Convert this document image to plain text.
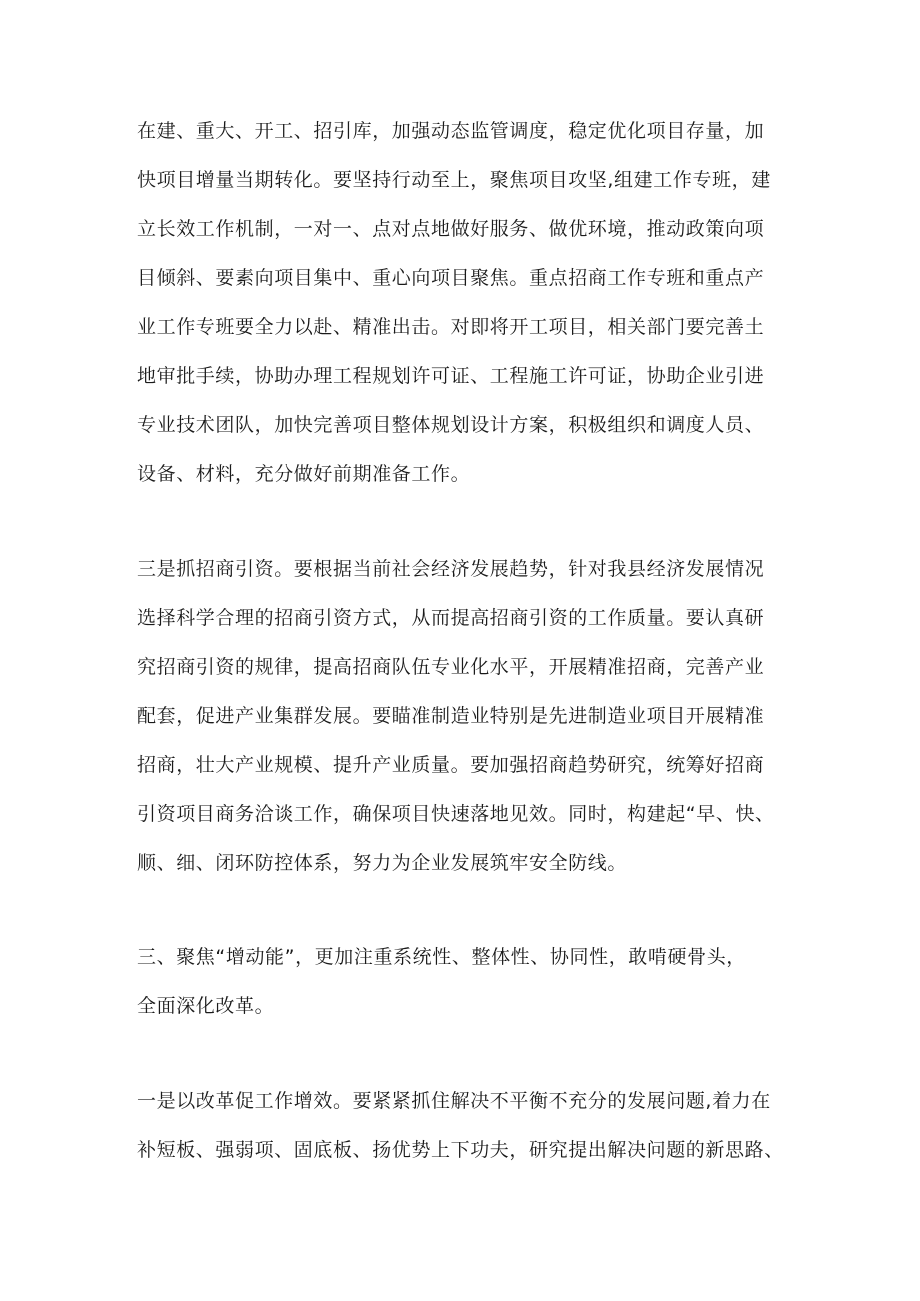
在建、重大、开工、招引库，加强动态监管调度，稳定优化项目存量，加
快项目增量当期转化。要坚持行动至上，聚焦项目攻坚,组建工作专班，建
立长效工作机制，一对一、点对点地做好服务、做优环境，推动政策向项
目倾斜、要素向项目集中、重心向项目聚焦。重点招商工作专班和重点产
业工作专班要全力以赴、精准出击。对即将开工项目，相关部门要完善土
地审批手续，协助办理工程规划许可证、工程施工许可证，协助企业引进
专业技术团队，加快完善项目整体规划设计方案，积极组织和调度人员、
设备、材料，充分做好前期准备工作。
三是抓招商引资。要根据当前社会经济发展趋势，针对我县经济发展情况
选择科学合理的招商引资方式，从而提高招商引资的工作质量。要认真研
究招商引资的规律，提高招商队伍专业化水平，开展精准招商，完善产业
配套，促进产业集群发展。要瞄准制造业特别是先进制造业项目开展精准
招商，壮大产业规模、提升产业质量。要加强招商趋势研究，统筹好招商
引资项目商务洽谈工作，确保项目快速落地见效。同时，构建起“早、快、
顺、细、闭环防控体系，努力为企业发展筑牢安全防线。
三、聚焦“增动能”，更加注重系统性、整体性、协同性，敢啃硬骨头，
全面深化改革。
一是以改革促工作增效。要紧紧抓住解决不平衡不充分的发展问题,着力在
补短板、强弱项、固底板、扬优势上下功夫，研究提出解决问题的新思路、
